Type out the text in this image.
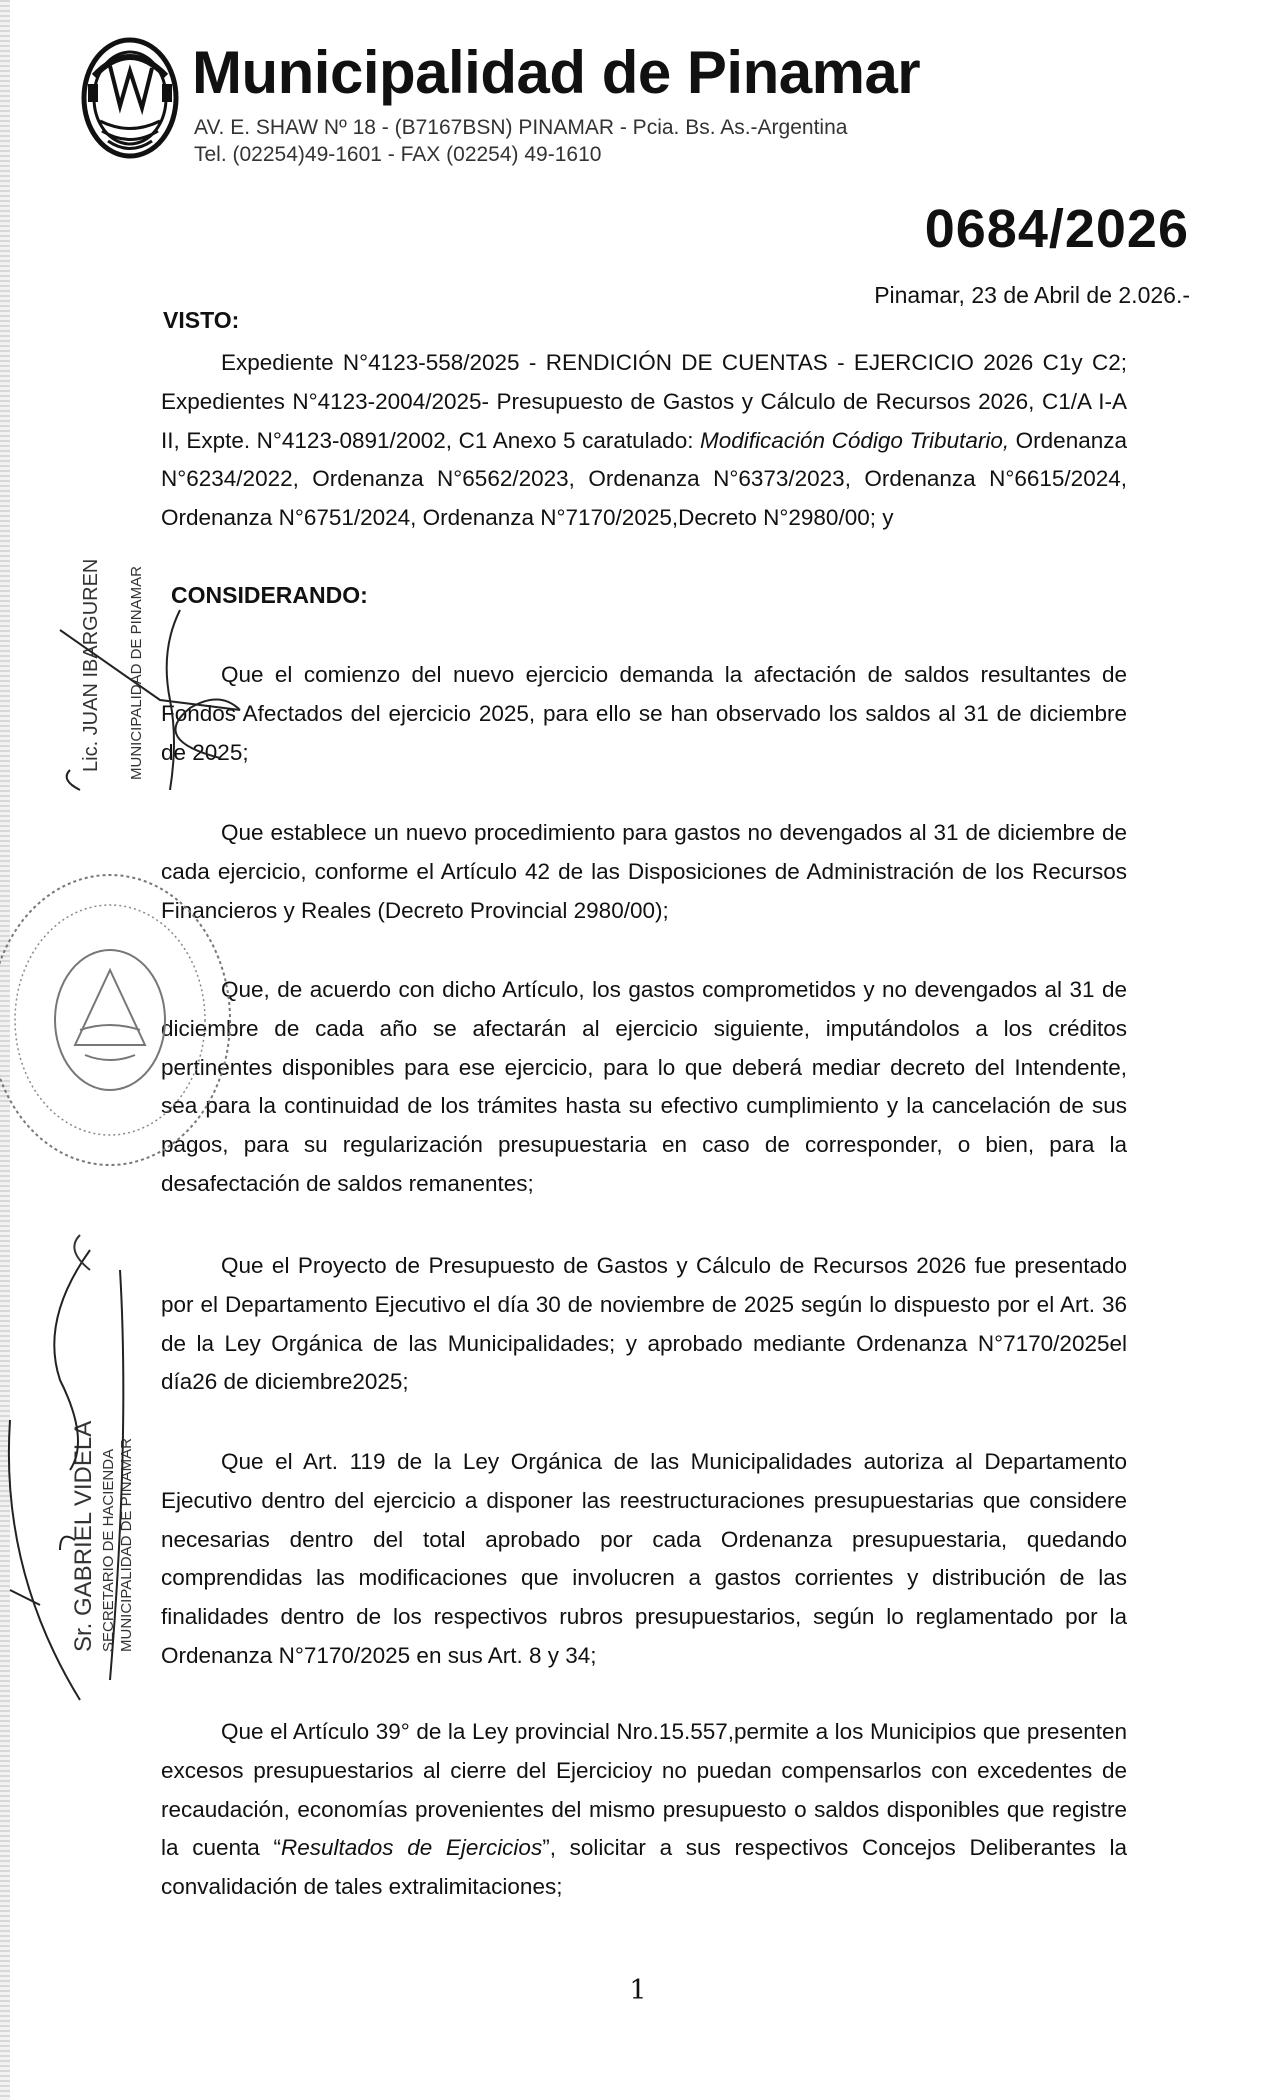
Municipalidad de Pinamar
AV. E. SHAW Nº 18 - (B7167BSN) PINAMAR - Pcia. Bs. As.-Argentina
Tel. (02254)49-1601 - FAX (02254) 49-1610
0684/2026
Pinamar, 23 de Abril de 2.026.-
VISTO:
Expediente N°4123-558/2025 - RENDICIÓN DE CUENTAS - EJERCICIO 2026 C1y C2; Expedientes N°4123-2004/2025- Presupuesto de Gastos y Cálculo de Recursos 2026, C1/A I-A II, Expte. N°4123-0891/2002, C1 Anexo 5 caratulado: Modificación Código Tributario, Ordenanza N°6234/2022, Ordenanza N°6562/2023, Ordenanza N°6373/2023, Ordenanza N°6615/2024, Ordenanza N°6751/2024, Ordenanza N°7170/2025,Decreto N°2980/00; y
CONSIDERANDO:
Que el comienzo del nuevo ejercicio demanda la afectación de saldos resultantes de Fondos Afectados del ejercicio 2025, para ello se han observado los saldos al 31 de diciembre de 2025;
Que establece un nuevo procedimiento para gastos no devengados al 31 de diciembre de cada ejercicio, conforme el Artículo 42 de las Disposiciones de Administración de los Recursos Financieros y Reales (Decreto Provincial 2980/00);
Que, de acuerdo con dicho Artículo, los gastos comprometidos y no devengados al 31 de diciembre de cada año se afectarán al ejercicio siguiente, imputándolos a los créditos pertinentes disponibles para ese ejercicio, para lo que deberá mediar decreto del Intendente, sea para la continuidad de los trámites hasta su efectivo cumplimiento y la cancelación de sus pagos, para su regularización presupuestaria en caso de corresponder, o bien, para la desafectación de saldos remanentes;
Que el Proyecto de Presupuesto de Gastos y Cálculo de Recursos 2026 fue presentado por el Departamento Ejecutivo el día 30 de noviembre de 2025 según lo dispuesto por el Art. 36 de la Ley Orgánica de las Municipalidades; y aprobado mediante Ordenanza N°7170/2025el día26 de diciembre2025;
Que el Art. 119 de la Ley Orgánica de las Municipalidades autoriza al Departamento Ejecutivo dentro del ejercicio a disponer las reestructuraciones presupuestarias que considere necesarias dentro del total aprobado por cada Ordenanza presupuestaria, quedando comprendidas las modificaciones que involucren a gastos corrientes y distribución de las finalidades dentro de los respectivos rubros presupuestarios, según lo reglamentado por la Ordenanza N°7170/2025 en sus Art. 8 y 34;
Que el Artículo 39° de la Ley provincial Nro.15.557,permite a los Municipios que presenten excesos presupuestarios al cierre del Ejercicioy no puedan compensarlos con excedentes de recaudación, economías provenientes del mismo presupuesto o saldos disponibles que registre la cuenta “Resultados de Ejercicios”, solicitar a sus respectivos Concejos Deliberantes la convalidación de tales extralimitaciones;
Lic. JUAN IBARGUREN MUNICIPALIDAD DE PINAMAR
Sr. GABRIEL VIDELA SECRETARIO DE HACIENDA MUNICIPALIDAD DE PINAMAR
1
